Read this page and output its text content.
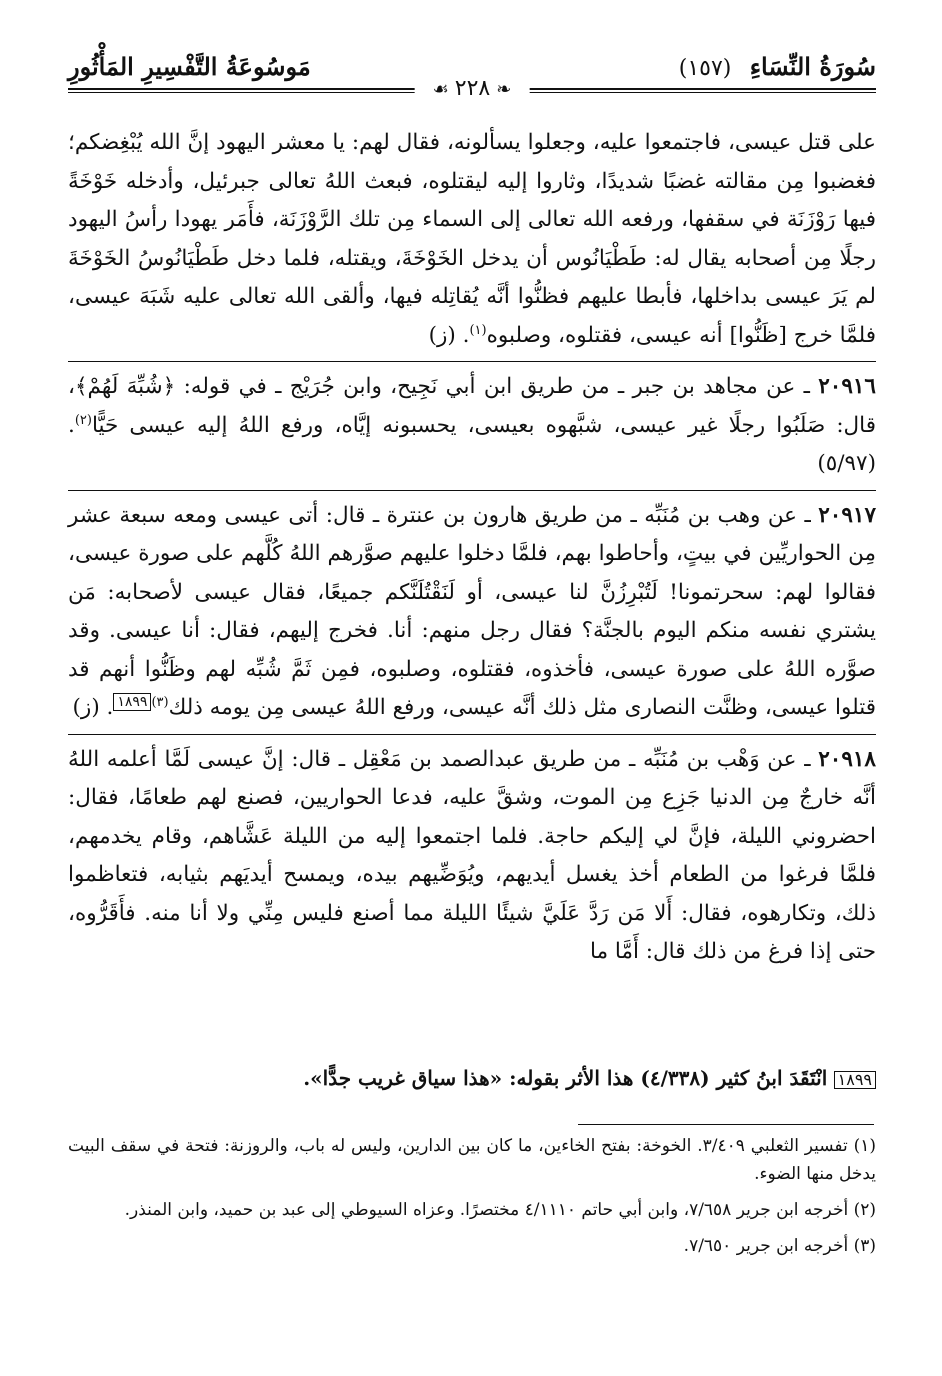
سُورَةُ النِّسَاءِ (١٥٧)
مَوسُوعَةُ التَّفْسِيرِ المَأْثُورِ
❧٢٢٨☙

على قتل عيسى، فاجتمعوا عليه، وجعلوا يسألونه، فقال لهم: يا معشر اليهود إنَّ الله يُبْغِضكم؛ فغضبوا مِن مقالته غضبًا شديدًا، وثاروا إليه ليقتلوه، فبعث اللهُ تعالى جبرئيل، وأدخله خَوْخَةً فيها رَوْزَنَة في سقفها، ورفعه الله تعالى إلى السماء مِن تلك الرَّوْزَنَة، فأَمَر يهودا رأسُ اليهود رجلًا مِن أصحابه يقال له: طَطْيَانُوس أن يدخل الخَوْخَةَ، ويقتله، فلما دخل طَطْيَانُوسُ الخَوْخَةَ لم يَرَ عيسى بداخلها، فأبطا عليهم فظنُّوا أنَّه يُقاتِله فيها، وألقى الله تعالى عليه شَبَهَ عيسى، فلمَّا خرج [ظَنُّوا] أنه عيسى، فقتلوه، وصلبوه$^{(١)}$. (ز)

٢٠٩١٦ ـ عن مجاهد بن جبر ـ من طريق ابن أبي نَجِيح، وابن جُرَيْج ـ في قوله: ﴿شُبِّهَ لَهُمْ﴾، قال: صَلَبُوا رجلًا غير عيسى، شبَّهوه بعيسى، يحسبونه إيَّاه، ورفع اللهُ إليه عيسى حَيًّا$^{(٢)}$. (٥/٩٧)

٢٠٩١٧ ـ عن وهب بن مُنَبِّه ـ من طريق هارون بن عنترة ـ قال: أتى عيسى ومعه سبعة عشر مِن الحواريِّين في بيتٍ، وأحاطوا بهم، فلمَّا دخلوا عليهم صوَّرهم اللهُ كُلَّهم على صورة عيسى، فقالوا لهم: سحرتمونا! لَتُبْرِزُنَّ لنا عيسى، أو لَنَقْتُلَنَّكم جميعًا، فقال عيسى لأصحابه: مَن يشتري نفسه منكم اليوم بالجنَّة؟ فقال رجل منهم: أنا. فخرج إليهم، فقال: أنا عيسى. وقد صوَّره اللهُ على صورة عيسى، فأخذوه، فقتلوه، وصلبوه، فمِن ثَمَّ شُبِّه لهم وظَنُّوا أنهم قد قتلوا عيسى، وظنَّت النصارى مثل ذلك أنَّه عيسى، ورفع اللهُ عيسى مِن يومه ذلك$^{(٣)}$١٨٩٩. (ز)

٢٠٩١٨ ـ عن وَهْب بن مُنَبِّه ـ من طريق عبدالصمد بن مَعْقِل ـ قال: إنَّ عيسى لَمَّا أعلمه اللهُ أنَّه خارجٌ مِن الدنيا جَزِع مِن الموت، وشقَّ عليه، فدعا الحواريين، فصنع لهم طعامًا، فقال: احضروني الليلة، فإنَّ لي إليكم حاجة. فلما اجتمعوا إليه من الليلة عَشَّاهم، وقام يخدمهم، فلمَّا فرغوا من الطعام أخذ يغسل أيديهم، ويُوَضِّيهم بيده، ويمسح أيديَهم بثيابه، فتعاظموا ذلك، وتكارهوه، فقال: أَلا مَن رَدَّ عَلَيَّ شيئًا الليلة مما أصنع فليس مِنِّي ولا أنا منه. فأَقَرُّوه، حتى إذا فرغ من ذلك قال: أَمَّا ما

١٨٩٩ انْتَقَدَ ابنُ كثير (٤/٣٣٨) هذا الأثر بقوله: «هذا سياق غريب جدًّا».

(١) تفسير الثعلبي ٣/٤٠٩. الخوخة: بفتح الخاءين، ما كان بين الدارين، وليس له باب، والروزنة: فتحة في سقف البيت يدخل منها الضوء.

(٢) أخرجه ابن جرير ٧/٦٥٨، وابن أبي حاتم ٤/١١١٠ مختصرًا. وعزاه السيوطي إلى عبد بن حميد، وابن المنذر.

(٣) أخرجه ابن جرير ٧/٦٥٠.
